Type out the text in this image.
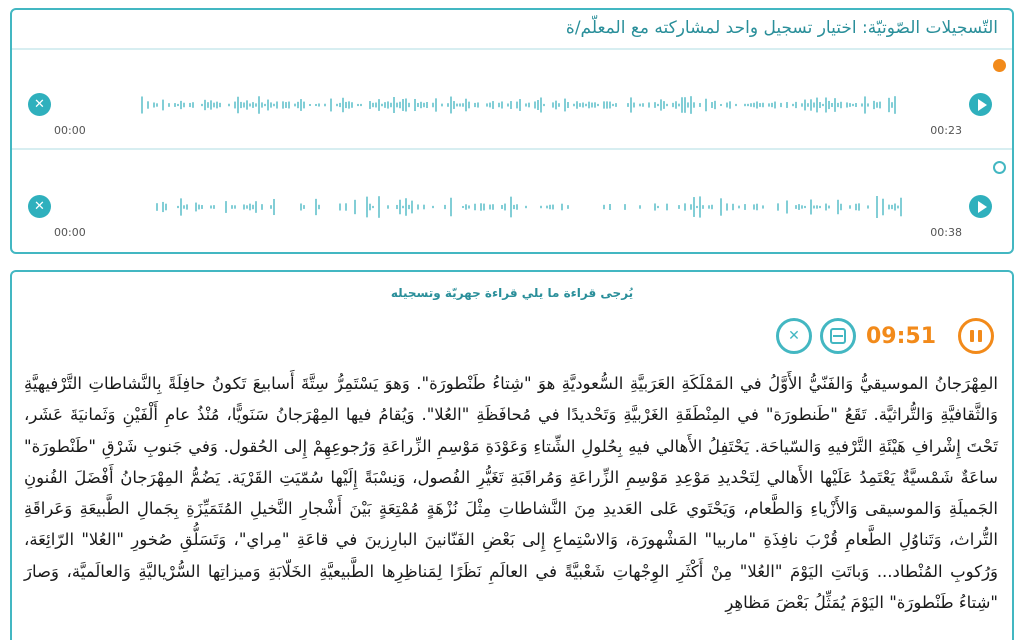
التّسجيلات الصّوتيّة: اختيار تسجيل واحد لمشاركته مع المعلّم/ة
✕
00:00	00:23
✕
00:00	00:38
يُرجى قراءة ما يلي قراءة جهريّة وتسجيله
✕	09:51
المِهْرَجانُ الموسيقيُّ وَالفَنّيُّ الأَوَّلُ في المَمْلَكَةِ العَرَبيَّةِ السُّعوديَّةِ هوَ "شِتاءُ طَنْطورَة". وَهوَ يَسْتَمِرُّ سِتَّةَ أَسابيعَ تَكونُ حافِلَةً بِالنَّشاطاتِ التَّرْفيهيَّةِ وَالثَّقافيَّةِ وَالتُّراثيَّة. تَقَعُ "طَنطورَة" في المِنْطَقَةِ الغَرْبيَّةِ وَتَحْديدًا في مُحافَظَةِ "العُلا". وَيُقامُ فيها المِهْرَجانُ سَنَويًّا، مُنْذُ عامِ أَلْفَيْنِ وَثَمانيَةَ عَشَر، تَحْتَ إِشْرافِ هَيْئَةِ التَّرْفيهِ وَالسّياحَة. يَحْتَفِلُ الأَهالي فيهِ بِحُلولِ الشِّتاءِ وَعَوْدَةِ مَوْسِمِ الزِّراعَةِ وَرُجوعِهِمْ إِلى الحُقول. وَفي جَنوبِ شَرْقِ "طَنْطورَة" ساعَةٌ شَمْسيَّةٌ يَعْتَمِدُ عَلَيْها الأَهالي لِتَحْديدِ مَوْعِدِ مَوْسِمِ الزِّراعَةِ وَمُراقَبَةِ تَغَيُّرِ الفُصول، وَنِسْبَةً إِلَيْها سُمّيَتِ القَرْيَة. يَضُمُّ المِهْرَجانُ أَفْضَلَ الفُنونِ الجَميلَةِ وَالموسيقى وَالأَزْياءِ وَالطَّعام، وَيَحْتَوي عَلى العَديدِ مِنَ النَّشاطاتِ مِثْلَ نُزْهَةٍ مُمْتِعَةٍ بَيْنَ أَشْجارِ النَّخيلِ المُتَمَيِّزَةِ بِجَمالِ الطَّبيعَةِ وَعَراقَةِ التُّراث، وَتَناوُلِ الطَّعامِ قُرْبَ نافِذَةِ "ماربيا" المَشْهورَة، وَالاسْتِماعِ إِلى بَعْضِ الفَنّانينَ البارِزينَ في قاعَةِ "مِراي"، وَتَسَلُّقِ صُخورِ "العُلا" الرّائِعَة، وَرُكوبِ المُنْطاد... وَباتَتِ اليَوْمَ "العُلا" مِنْ أَكْثَرِ الوِجْهاتِ شَعْبيَّةً في العالَمِ نَظَرًا لِمَناظِرِها الطَّبيعيَّةِ الخَلّابَةِ وَميزاتِها السُّرْياليَّةِ وَالعالَميَّة، وَصارَ "شِتاءُ طَنْطورَة" اليَوْمَ يُمَثِّلُ بَعْضَ مَظاهِرِ
